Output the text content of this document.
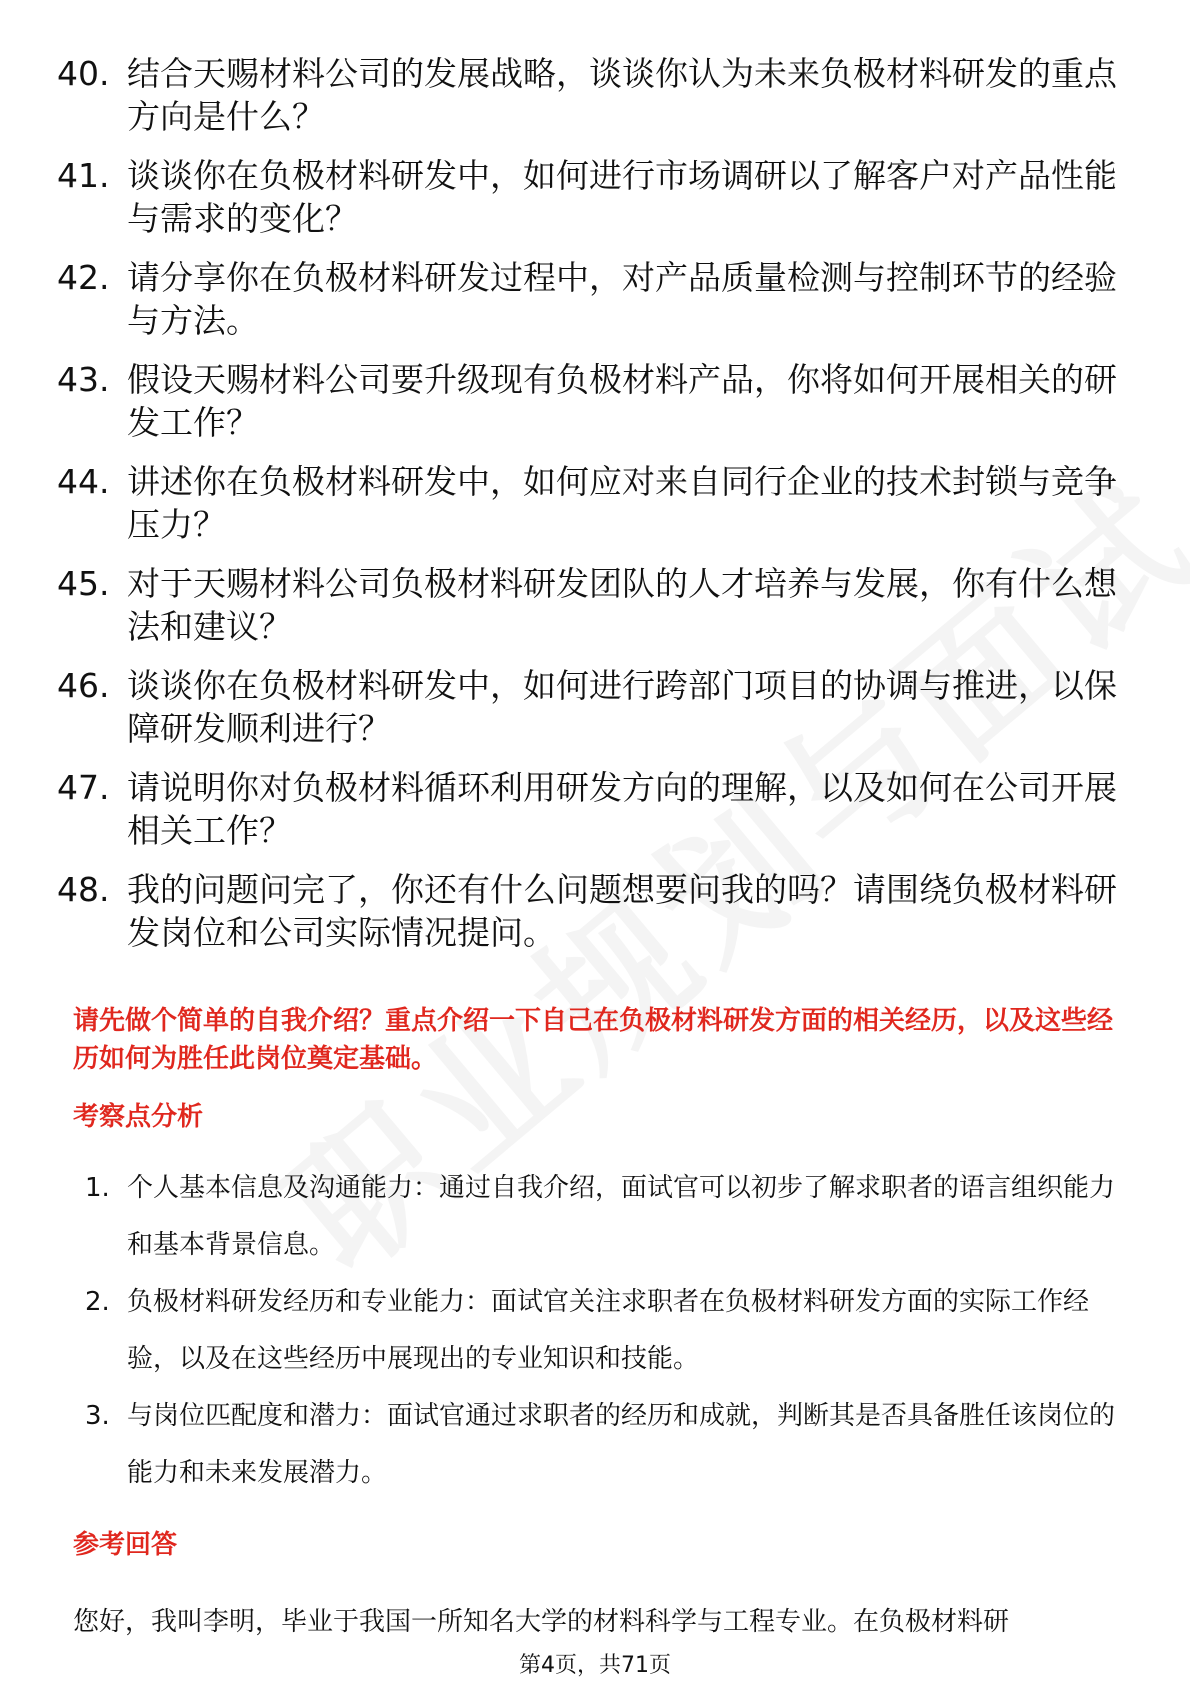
40. 结合天赐材料公司的发展战略，谈谈你认为未来负极材料研发的重点方向是什么？
41. 谈谈你在负极材料研发中，如何进行市场调研以了解客户对产品性能与需求的变化？
42. 请分享你在负极材料研发过程中，对产品质量检测与控制环节的经验与方法。
43. 假设天赐材料公司要升级现有负极材料产品，你将如何开展相关的研发工作？
44. 讲述你在负极材料研发中，如何应对来自同行企业的技术封锁与竞争压力？
45. 对于天赐材料公司负极材料研发团队的人才培养与发展，你有什么想法和建议？
46. 谈谈你在负极材料研发中，如何进行跨部门项目的协调与推进，以保障研发顺利进行？
47. 请说明你对负极材料循环利用研发方向的理解，以及如何在公司开展相关工作？
48. 我的问题问完了，你还有什么问题想要问我的吗？请围绕负极材料研发岗位和公司实际情况提问。

请先做个简单的自我介绍？重点介绍一下自己在负极材料研发方面的相关经历，以及这些经历如何为胜任此岗位奠定基础。

考察点分析
1. 个人基本信息及沟通能力：通过自我介绍，面试官可以初步了解求职者的语言组织能力和基本背景信息。
2. 负极材料研发经历和专业能力：面试官关注求职者在负极材料研发方面的实际工作经验，以及在这些经历中展现出的专业知识和技能。
3. 与岗位匹配度和潜力：面试官通过求职者的经历和成就，判断其是否具备胜任该岗位的能力和未来发展潜力。
参考回答

您好，我叫李明，毕业于我国一所知名大学的材料科学与工程专业。在负极材料研

第4页，共71页
